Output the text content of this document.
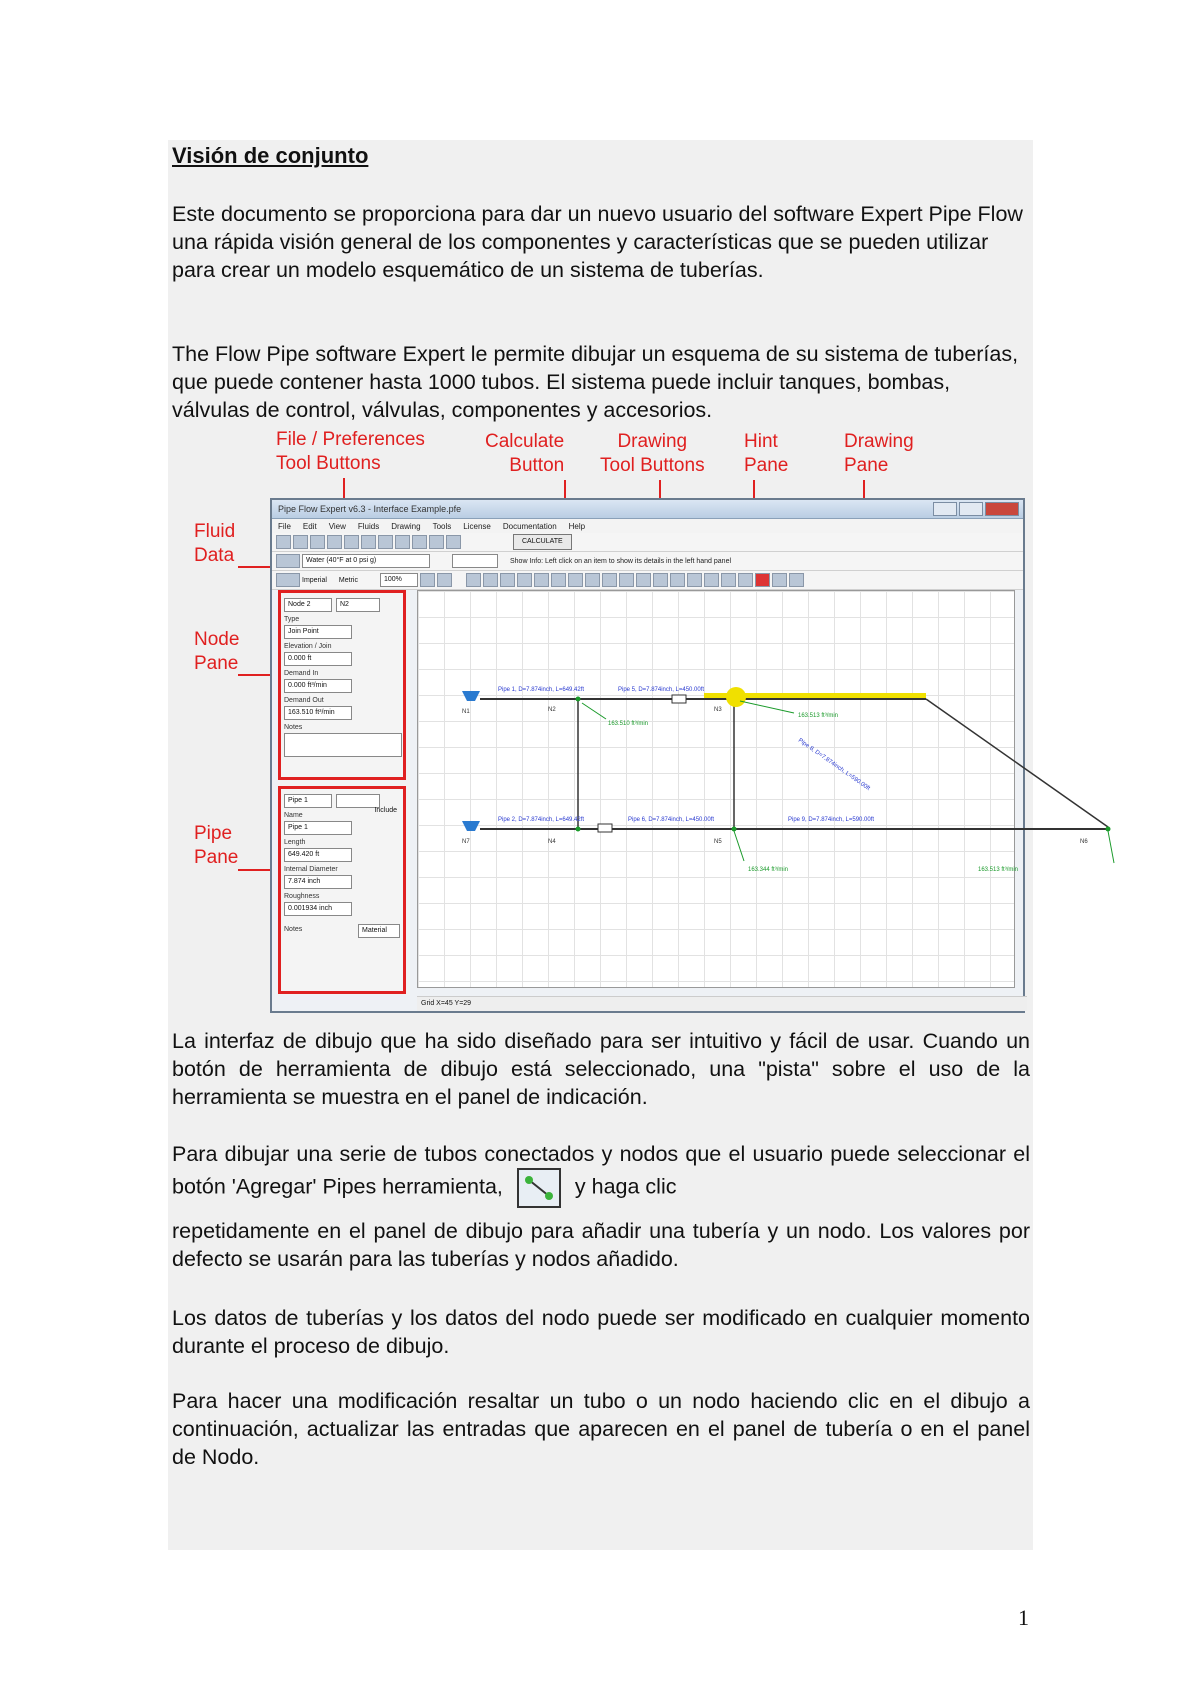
Visión de conjunto

Este documento se proporciona para dar un nuevo usuario del software Expert Pipe Flow una rápida visión general de los componentes y características que se pueden utilizar para crear un modelo esquemático de un sistema de tuberías.

The Flow Pipe software Expert le permite dibujar un esquema de su sistema de tuberías, que puede contener hasta 1000 tubos. El sistema puede incluir tanques, bombas, válvulas de control, válvulas, componentes y accesorios.

File / Preferences
Tool Buttons
Calculate
Button
Drawing
Tool Buttons
Hint
Pane
Drawing
Pane
Fluid
Data
Node
Pane
Pipe
Pane
Pipe Flow Expert v6.3 - Interface Example.pfe
File Edit View Fluids Drawing Tools License Documentation Help
CALCULATE
Water (40°F at 0 psi g)	Show Info: Left click on an item to show its details in the left hand panel
Imperial Metric	100%
Node 2	N2
Type
Join Point
Elevation / Join
0.000 ft
Demand In
0.000 ft³/min
Demand Out
163.510 ft³/min
Notes
Pipe 1
Name
Pipe 1
Length
649.420 ft
Internal Diameter
7.874 inch
Roughness
0.001934 inch
Notes	Material
Include
Pipe 1, D=7.874inch, L=649.42ft	Pipe 5, D=7.874inch, L=450.00ft
Pipe 2, D=7.874inch, L=649.42ft	Pipe 6, D=7.874inch, L=450.00ft	Pipe 9, D=7.874inch, L=590.00ft
Pipe 8, D=7.874inch, L=590.00ft
163.510 ft³/min
163.513 ft³/min
163.344 ft³/min	163.513 ft³/min
N1	N2	N3
N4	N5	N6
N7
Grid X=45 Y=29

La interfaz de dibujo que ha sido diseñado para ser intuitivo y fácil de usar. Cuando un botón de herramienta de dibujo está seleccionado, una "pista" sobre el uso de la herramienta se muestra en el panel de indicación.

Para dibujar una serie de tubos conectados y nodos que el usuario puede seleccionar el botón 'Agregar' Pipes herramienta,	y haga clic

repetidamente en el panel de dibujo para añadir una tubería y un nodo. Los valores por defecto se usarán para las tuberías y nodos añadido.

Los datos de tuberías y los datos del nodo puede ser modificado en cualquier momento durante el proceso de dibujo.

Para hacer una modificación resaltar un tubo o un nodo haciendo clic en el dibujo a continuación, actualizar las entradas que aparecen en el panel de tubería o en el panel de Nodo.

1
